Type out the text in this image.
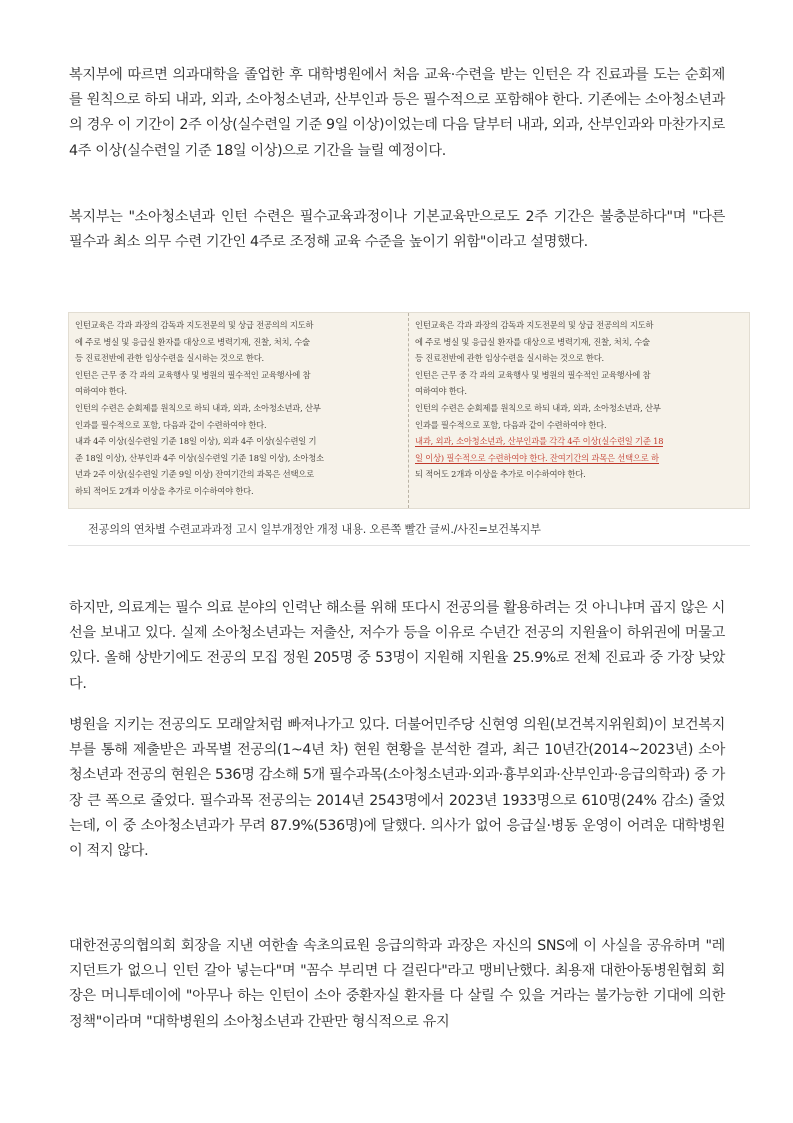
복지부에 따르면 의과대학을 졸업한 후 대학병원에서 처음 교육·수련을 받는 인턴은 각 진료과를 도는 순회제를 원칙으로 하되 내과, 외과, 소아청소년과, 산부인과 등은 필수적으로 포함해야 한다. 기존에는 소아청소년과의 경우 이 기간이 2주 이상(실수련일 기준 9일 이상)이었는데 다음 달부터 내과, 외과, 산부인과와 마찬가지로 4주 이상(실수련일 기준 18일 이상)으로 기간을 늘릴 예정이다.

복지부는 "소아청소년과 인턴 수련은 필수교육과정이나 기본교육만으로도 2주 기간은 불충분하다"며 "다른 필수과 최소 의무 수련 기간인 4주로 조정해 교육 수준을 높이기 위함"이라고 설명했다.

인턴교육은 각과 과장의 감독과 지도전문의 및 상급 전공의의 지도하
에 주로 병실 및 응급실 환자를 대상으로 병력기재, 진찰, 처치, 수술
등 진료전반에 관한 임상수련을 실시하는 것으로 한다.
인턴은 근무 중 각 과의 교육행사 및 병원의 필수적인 교육행사에 참
여하여야 한다.
인턴의 수련은 순회제를 원칙으로 하되 내과, 외과, 소아청소년과, 산부
인과를 필수적으로 포함, 다음과 같이 수련하여야 한다.
내과 4주 이상(실수련일 기준 18일 이상), 외과 4주 이상(실수련일 기
준 18일 이상), 산부인과 4주 이상(실수련일 기준 18일 이상), 소아청소
년과 2주 이상(실수련일 기준 9일 이상) 잔여기간의 과목은 선택으로
하되 적어도 2개과 이상을 추가로 이수하여야 한다.
인턴교육은 각과 과장의 감독과 지도전문의 및 상급 전공의의 지도하
에 주로 병실 및 응급실 환자를 대상으로 병력기재, 진찰, 처치, 수술
등 진료전반에 관한 임상수련을 실시하는 것으로 한다.
인턴은 근무 중 각 과의 교육행사 및 병원의 필수적인 교육행사에 참
여하여야 한다.
인턴의 수련은 순회제를 원칙으로 하되 내과, 외과, 소아청소년과, 산부
인과를 필수적으로 포함, 다음과 같이 수련하여야 한다.
내과, 외과, 소아청소년과, 산부인과를 각각 4주 이상(실수련일 기준 18
일 이상) 필수적으로 수련하여야 한다. 잔여기간의 과목은 선택으로 하
되 적어도 2개과 이상을 추가로 이수하여야 한다.
전공의의 연차별 수련교과과정 고시 일부개정안 개정 내용. 오른쪽 빨간 글씨./사진=보건복지부

하지만, 의료계는 필수 의료 분야의 인력난 해소를 위해 또다시 전공의를 활용하려는 것 아니냐며 곱지 않은 시선을 보내고 있다. 실제 소아청소년과는 저출산, 저수가 등을 이유로 수년간 전공의 지원율이 하위권에 머물고 있다. 올해 상반기에도 전공의 모집 정원 205명 중 53명이 지원해 지원율 25.9%로 전체 진료과 중 가장 낮았다.

병원을 지키는 전공의도 모래알처럼 빠져나가고 있다. 더불어민주당 신현영 의원(보건복지위원회)이 보건복지부를 통해 제출받은 과목별 전공의(1~4년 차) 현원 현황을 분석한 결과, 최근 10년간(2014~2023년) 소아청소년과 전공의 현원은 536명 감소해 5개 필수과목(소아청소년과·외과·흉부외과·산부인과·응급의학과) 중 가장 큰 폭으로 줄었다. 필수과목 전공의는 2014년 2543명에서 2023년 1933명으로 610명(24% 감소) 줄었는데, 이 중 소아청소년과가 무려 87.9%(536명)에 달했다. 의사가 없어 응급실·병동 운영이 어려운 대학병원이 적지 않다.

대한전공의협의회 회장을 지낸 여한솔 속초의료원 응급의학과 과장은 자신의 SNS에 이 사실을 공유하며 "레지던트가 없으니 인턴 갈아 넣는다"며 "꼼수 부리면 다 걸린다"라고 맹비난했다. 최용재 대한아동병원협회 회장은 머니투데이에 "아무나 하는 인턴이 소아 중환자실 환자를 다 살릴 수 있을 거라는 불가능한 기대에 의한 정책"이라며 "대학병원의 소아청소년과 간판만 형식적으로 유지
